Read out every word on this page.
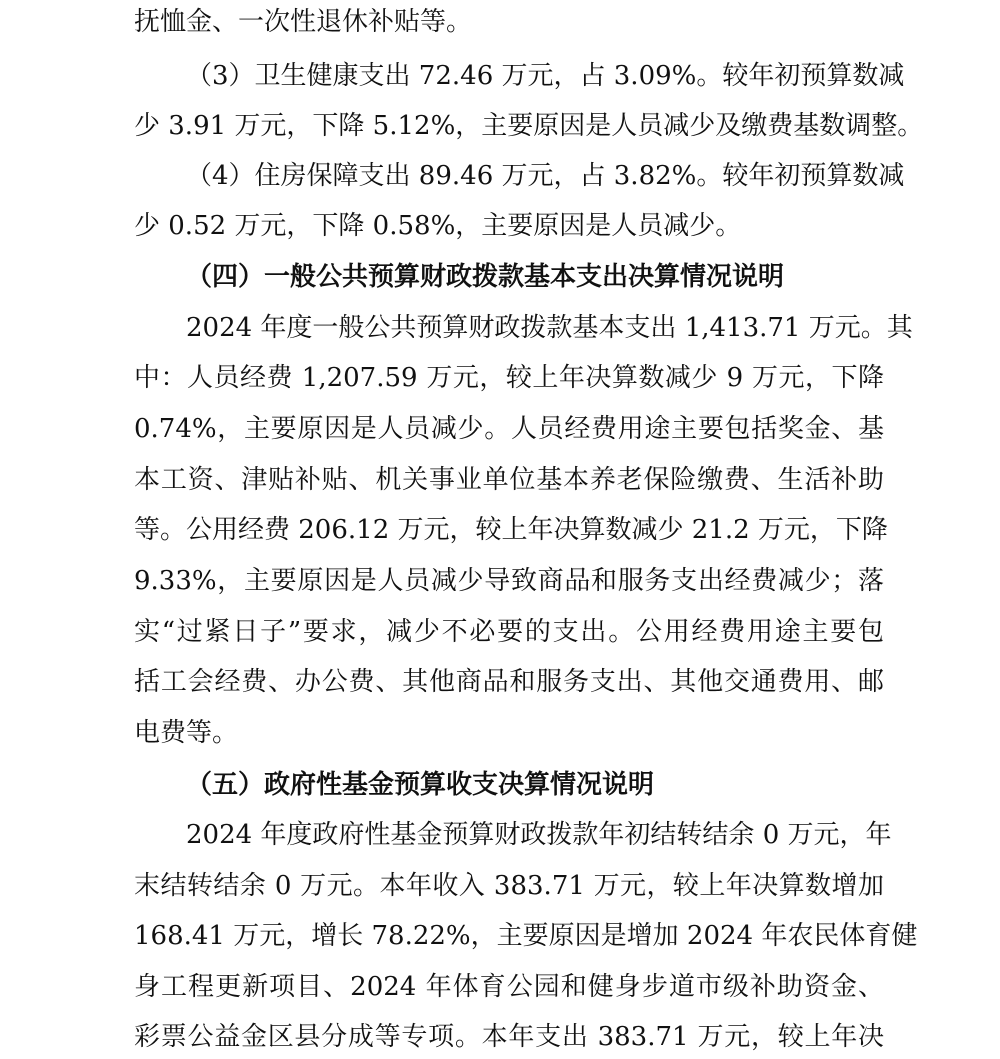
抚恤金、一次性退休补贴等。
（3）卫生健康支出 72.46 万元，占 3.09%。较年初预算数减
少 3.91 万元，下降 5.12%，主要原因是人员减少及缴费基数调整。
（4）住房保障支出 89.46 万元，占 3.82%。较年初预算数减
少 0.52 万元，下降 0.58%，主要原因是人员减少。
（四）一般公共预算财政拨款基本支出决算情况说明
2024 年度一般公共预算财政拨款基本支出 1,413.71 万元。其
中：人员经费 1,207.59 万元，较上年决算数减少 9 万元，下降
0.74%，主要原因是人员减少。人员经费用途主要包括奖金、基
本工资、津贴补贴、机关事业单位基本养老保险缴费、生活补助
等。公用经费 206.12 万元，较上年决算数减少 21.2 万元，下降
9.33%，主要原因是人员减少导致商品和服务支出经费减少；落
实“过紧日子”要求，减少不必要的支出。公用经费用途主要包
括工会经费、办公费、其他商品和服务支出、其他交通费用、邮
电费等。
（五）政府性基金预算收支决算情况说明
2024 年度政府性基金预算财政拨款年初结转结余 0 万元，年
末结转结余 0 万元。本年收入 383.71 万元，较上年决算数增加
168.41 万元，增长 78.22%，主要原因是增加 2024 年农民体育健
身工程更新项目、2024 年体育公园和健身步道市级补助资金、
彩票公益金区县分成等专项。本年支出 383.71 万元，较上年决
